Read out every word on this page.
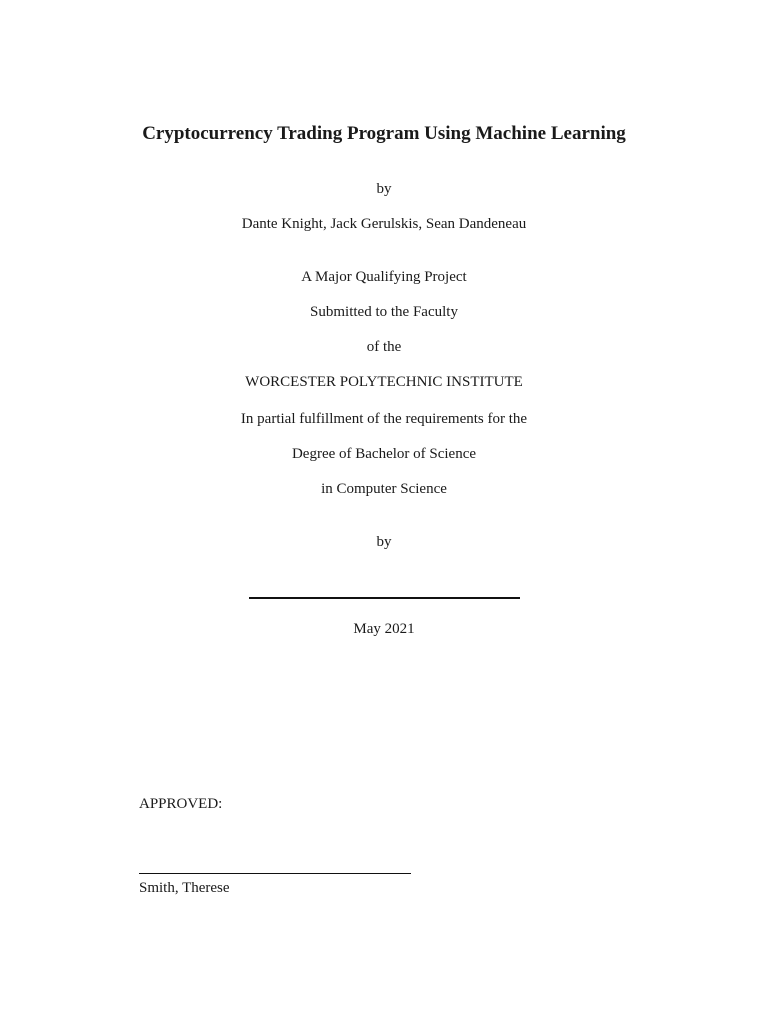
Cryptocurrency Trading Program Using Machine Learning
by
Dante Knight, Jack Gerulskis, Sean Dandeneau
A Major Qualifying Project
Submitted to the Faculty
of the
WORCESTER POLYTECHNIC INSTITUTE
In partial fulfillment of the requirements for the
Degree of Bachelor of Science
in Computer Science
by
May 2021
APPROVED:
Smith, Therese
